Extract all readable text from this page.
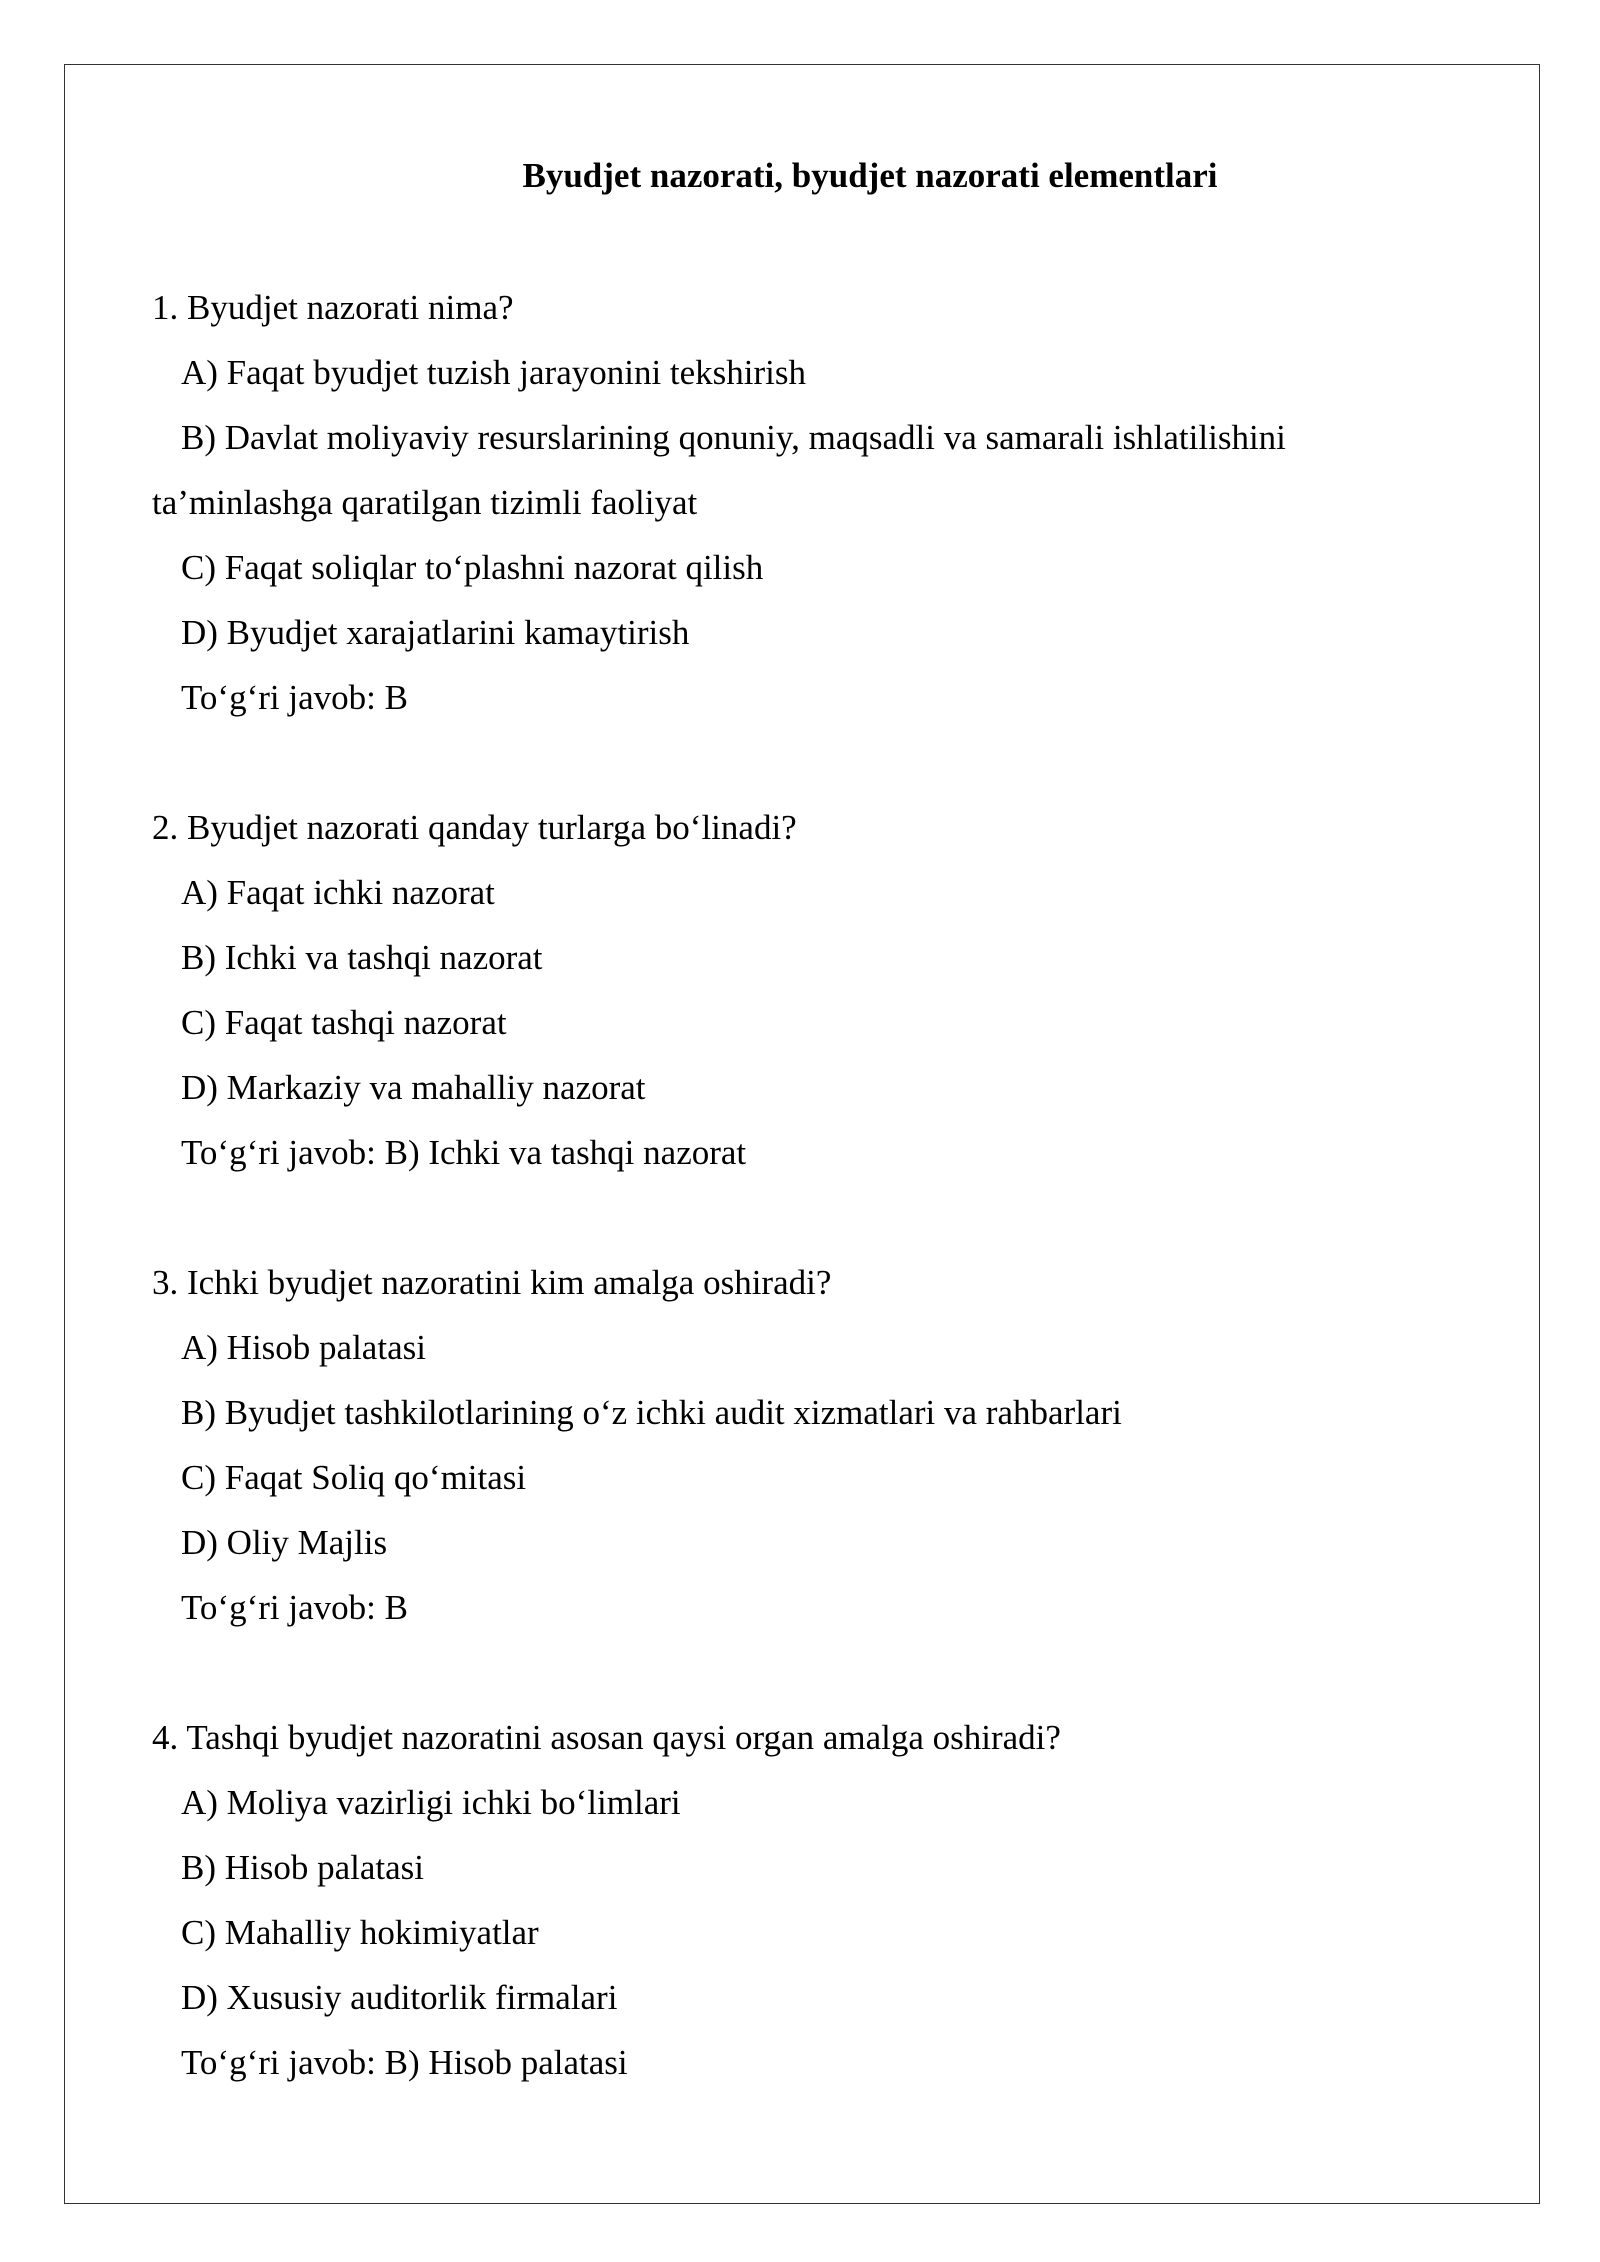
Byudjet nazorati, byudjet nazorati elementlari
1. Byudjet nazorati nima?
A) Faqat byudjet tuzish jarayonini tekshirish
B) Davlat moliyaviy resurslarining qonuniy, maqsadli va samarali ishlatilishini
ta’minlashga qaratilgan tizimli faoliyat
C) Faqat soliqlar to‘plashni nazorat qilish
D) Byudjet xarajatlarini kamaytirish
To‘g‘ri javob: B
2. Byudjet nazorati qanday turlarga bo‘linadi?
A) Faqat ichki nazorat
B) Ichki va tashqi nazorat
C) Faqat tashqi nazorat
D) Markaziy va mahalliy nazorat
To‘g‘ri javob: B) Ichki va tashqi nazorat
3. Ichki byudjet nazoratini kim amalga oshiradi?
A) Hisob palatasi
B) Byudjet tashkilotlarining o‘z ichki audit xizmatlari va rahbarlari
C) Faqat Soliq qo‘mitasi
D) Oliy Majlis
To‘g‘ri javob: B
4. Tashqi byudjet nazoratini asosan qaysi organ amalga oshiradi?
A) Moliya vazirligi ichki bo‘limlari
B) Hisob palatasi
C) Mahalliy hokimiyatlar
D) Xususiy auditorlik firmalari
To‘g‘ri javob: B) Hisob palatasi
